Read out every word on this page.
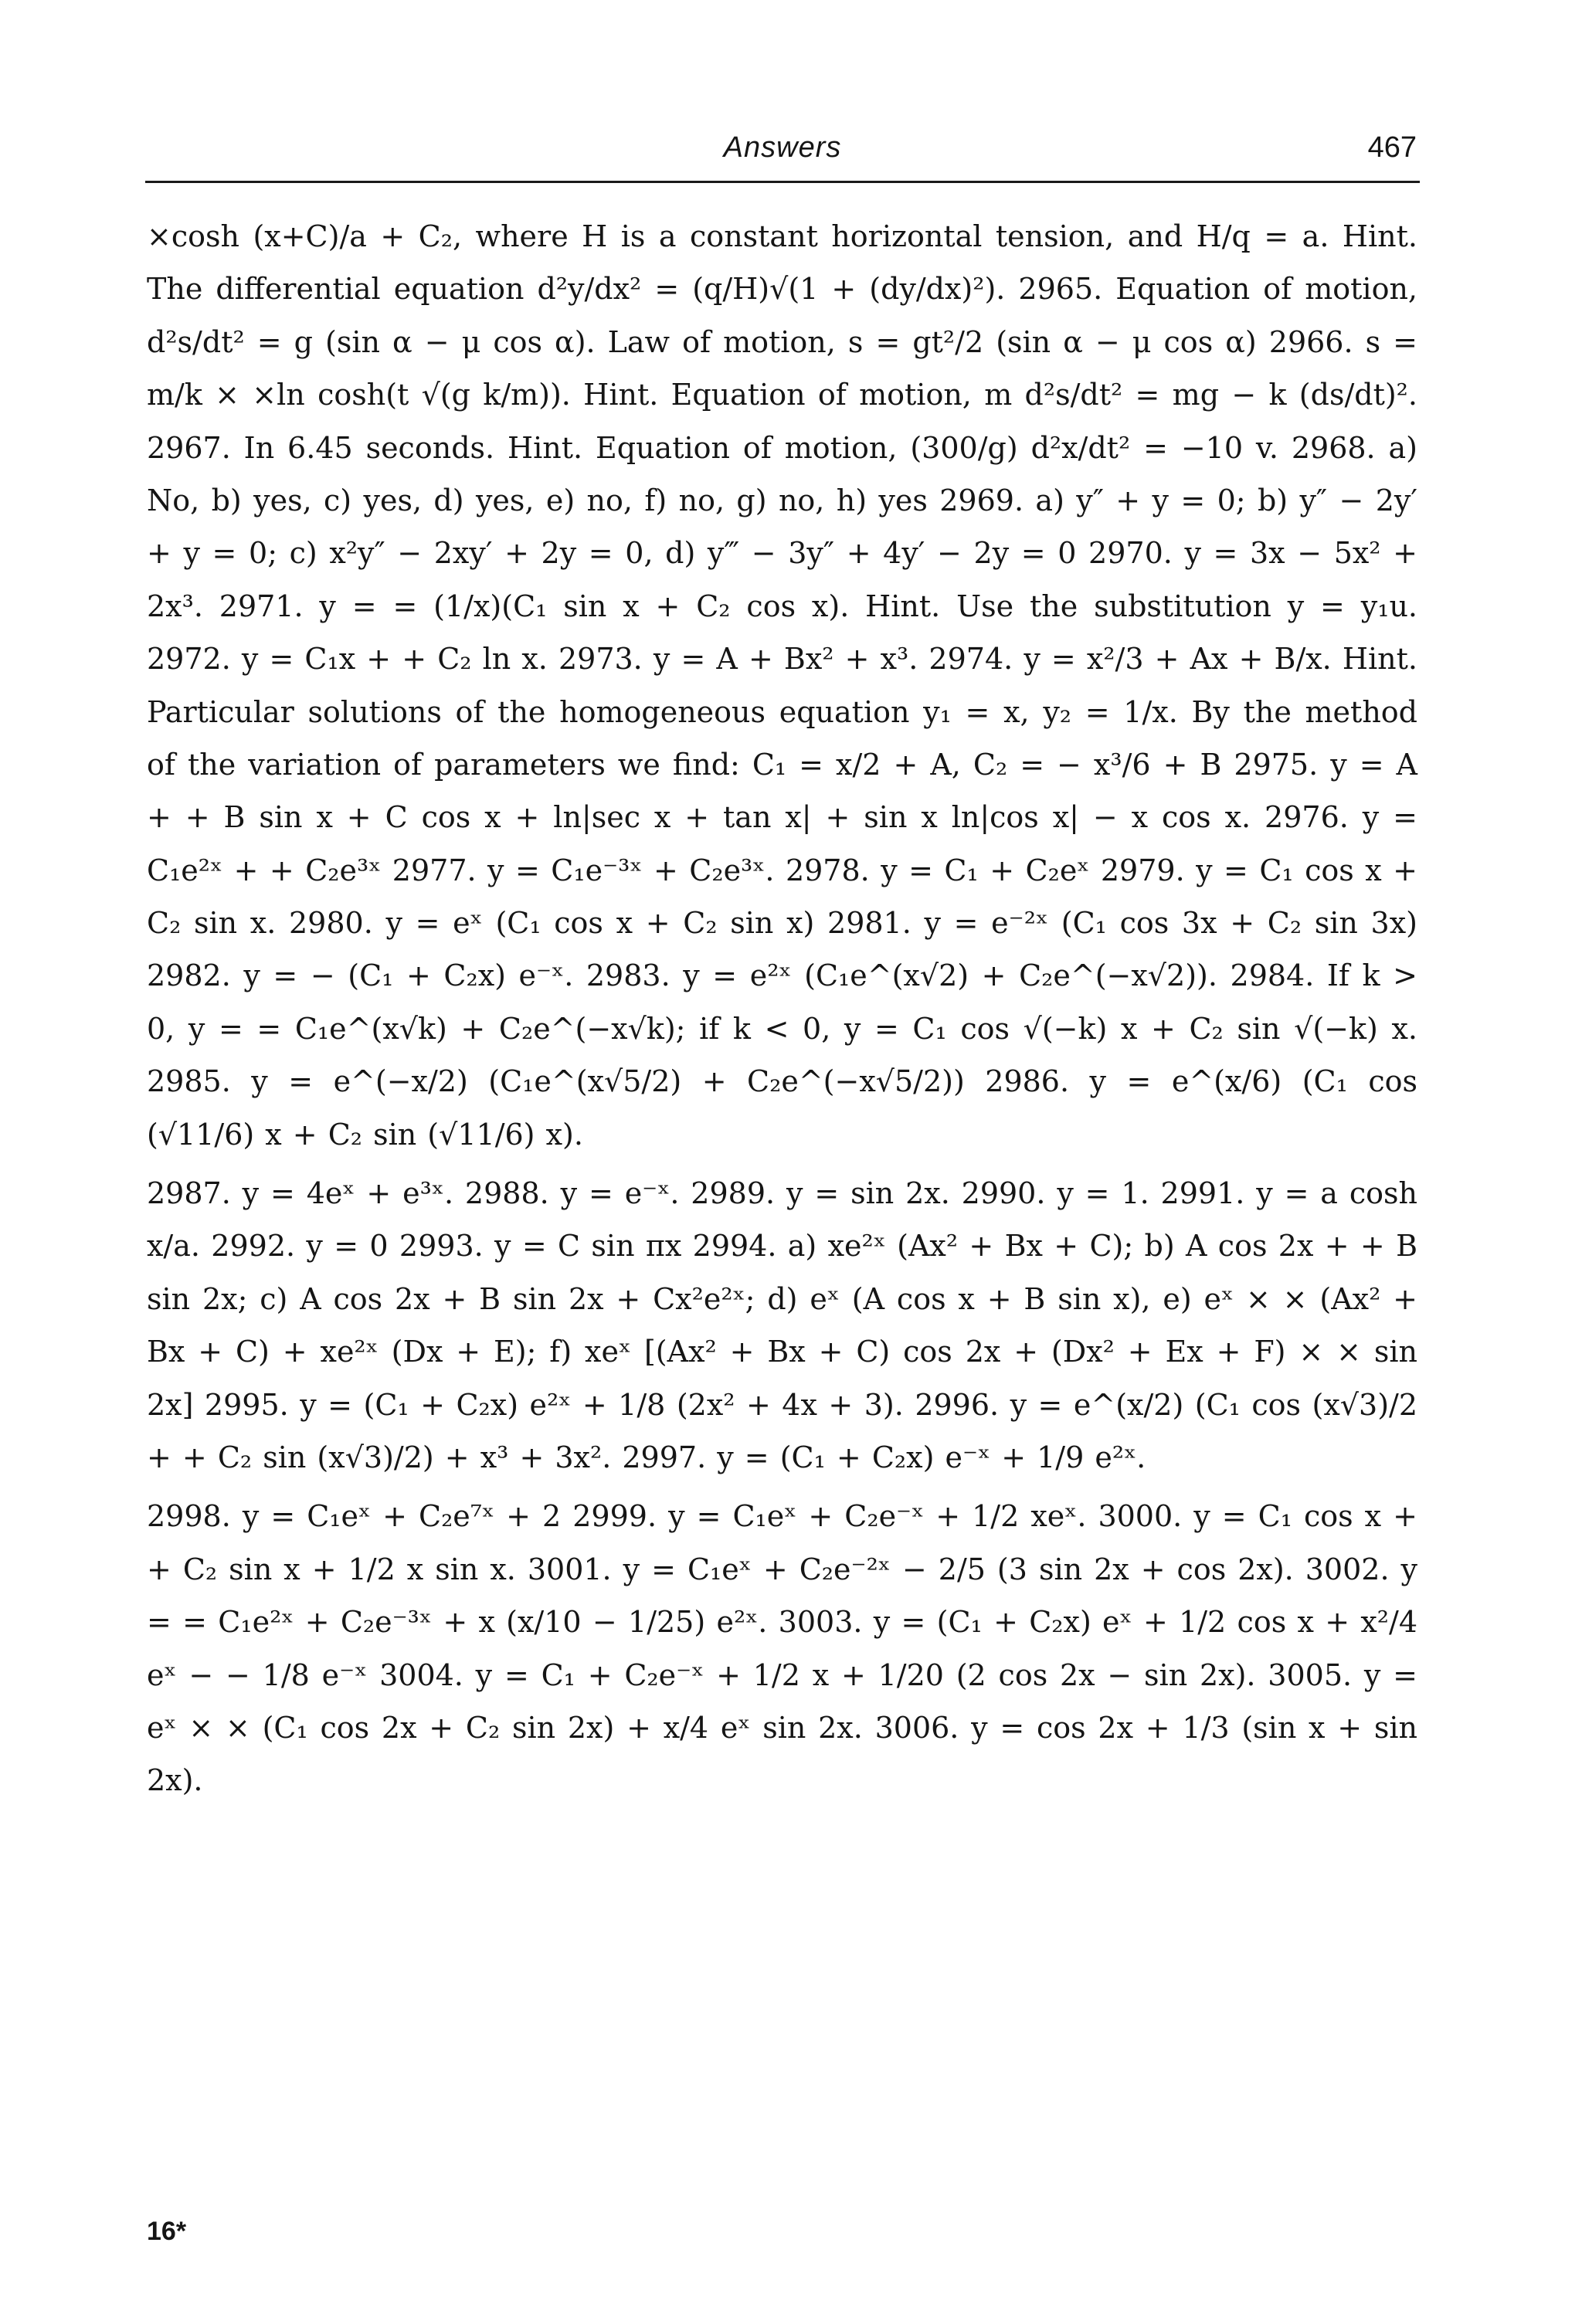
Answers	467

×cosh (x+C)/a + C₂, where H is a constant horizontal tension, and H/q = a. Hint. The differential equation d²y/dx² = (q/H)√(1 + (dy/dx)²). 2965. Equation of motion, d²s/dt² = g (sin α − μ cos α). Law of motion, s = gt²/2 (sin α − μ cos α) 2966. s = m/k × ×ln cosh(t √(g k/m)). Hint. Equation of motion, m d²s/dt² = mg − k (ds/dt)². 2967. In 6.45 seconds. Hint. Equation of motion, (300/g) d²x/dt² = −10 v. 2968. a) No, b) yes, c) yes, d) yes, e) no, f) no, g) no, h) yes 2969. a) y″ + y = 0; b) y″ − 2y′ + y = 0; c) x²y″ − 2xy′ + 2y = 0, d) y‴ − 3y″ + 4y′ − 2y = 0 2970. y = 3x − 5x² + 2x³. 2971. y = = (1/x)(C₁ sin x + C₂ cos x). Hint. Use the substitution y = y₁u. 2972. y = C₁x + + C₂ ln x. 2973. y = A + Bx² + x³. 2974. y = x²/3 + Ax + B/x. Hint. Particular solutions of the homogeneous equation y₁ = x, y₂ = 1/x. By the method of the variation of parameters we find: C₁ = x/2 + A, C₂ = − x³/6 + B 2975. y = A + + B sin x + C cos x + ln|sec x + tan x| + sin x ln|cos x| − x cos x. 2976. y = C₁e²ˣ + + C₂e³ˣ 2977. y = C₁e⁻³ˣ + C₂e³ˣ. 2978. y = C₁ + C₂eˣ 2979. y = C₁ cos x + C₂ sin x. 2980. y = eˣ (C₁ cos x + C₂ sin x) 2981. y = e⁻²ˣ (C₁ cos 3x + C₂ sin 3x) 2982. y = − (C₁ + C₂x) e⁻ˣ. 2983. y = e²ˣ (C₁e^(x√2) + C₂e^(−x√2)). 2984. If k > 0, y = = C₁e^(x√k) + C₂e^(−x√k); if k < 0, y = C₁ cos √(−k) x + C₂ sin √(−k) x. 2985. y = e^(−x/2) (C₁e^(x√5/2) + C₂e^(−x√5/2)) 2986. y = e^(x/6) (C₁ cos (√11/6) x + C₂ sin (√11/6) x).

2987. y = 4eˣ + e³ˣ. 2988. y = e⁻ˣ. 2989. y = sin 2x. 2990. y = 1. 2991. y = a cosh x/a. 2992. y = 0 2993. y = C sin πx 2994. a) xe²ˣ (Ax² + Bx + C); b) A cos 2x + + B sin 2x; c) A cos 2x + B sin 2x + Cx²e²ˣ; d) eˣ (A cos x + B sin x), e) eˣ × × (Ax² + Bx + C) + xe²ˣ (Dx + E); f) xeˣ [(Ax² + Bx + C) cos 2x + (Dx² + Ex + F) × × sin 2x] 2995. y = (C₁ + C₂x) e²ˣ + 1/8 (2x² + 4x + 3). 2996. y = e^(x/2) (C₁ cos (x√3)/2 + + C₂ sin (x√3)/2) + x³ + 3x². 2997. y = (C₁ + C₂x) e⁻ˣ + 1/9 e²ˣ.

2998. y = C₁eˣ + C₂e⁷ˣ + 2 2999. y = C₁eˣ + C₂e⁻ˣ + 1/2 xeˣ. 3000. y = C₁ cos x + + C₂ sin x + 1/2 x sin x. 3001. y = C₁eˣ + C₂e⁻²ˣ − 2/5 (3 sin 2x + cos 2x). 3002. y = = C₁e²ˣ + C₂e⁻³ˣ + x (x/10 − 1/25) e²ˣ. 3003. y = (C₁ + C₂x) eˣ + 1/2 cos x + x²/4 eˣ − − 1/8 e⁻ˣ 3004. y = C₁ + C₂e⁻ˣ + 1/2 x + 1/20 (2 cos 2x − sin 2x). 3005. y = eˣ × × (C₁ cos 2x + C₂ sin 2x) + x/4 eˣ sin 2x. 3006. y = cos 2x + 1/3 (sin x + sin 2x).

16*
